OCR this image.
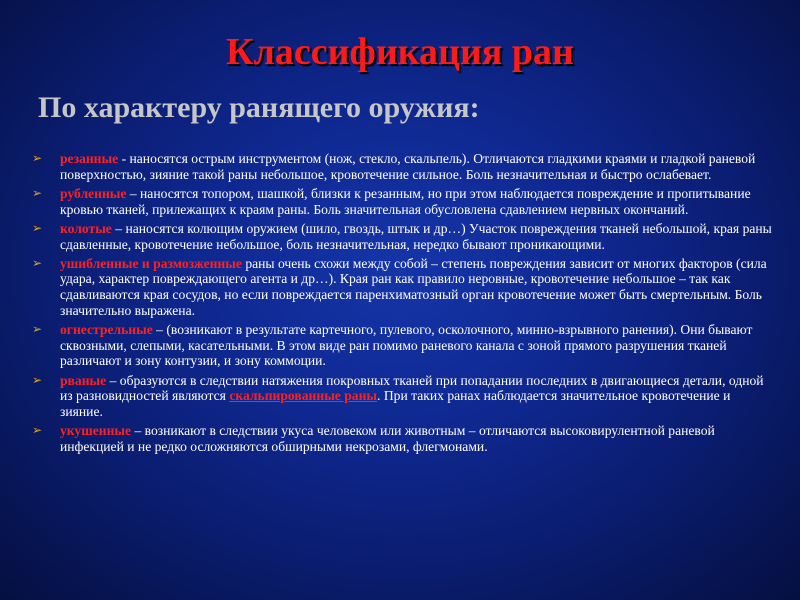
Классификация ран
По характеру ранящего оружия:
➢ резанные - наносятся острым инструментом (нож, стекло, скальпель). Отличаются гладкими краями и гладкой раневой поверхностью, зияние такой раны небольшое, кровотечение сильное. Боль незначительная и быстро ослабевает.
➢ рубленные – наносятся топором, шашкой, близки к резанным, но при этом наблюдается повреждение и пропитывание кровью тканей, прилежащих к краям раны. Боль значительная обусловлена сдавлением нервных окончаний.
➢ колотые – наносятся колющим оружием (шило, гвоздь, штык и др…) Участок повреждения тканей небольшой, края раны сдавленные, кровотечение небольшое, боль незначительная, нередко бывают проникающими.
➢ ушибленные и размозженные раны очень схожи между собой – степень повреждения зависит от многих факторов (сила удара, характер повреждающего агента и др…). Края ран как правило неровные, кровотечение небольшое – так как сдавливаются края сосудов, но если повреждается паренхиматозный орган кровотечение может быть смертельным. Боль значительно выражена.
➢ огнестрельные – (возникают в результате картечного, пулевого, осколочного, минно-взрывного ранения). Они бывают сквозными, слепыми, касательными. В этом виде ран помимо раневого канала с зоной прямого разрушения тканей различают и зону контузии, и зону коммоции.
➢ рваные – образуются в следствии натяжения покровных тканей при попадании последних в двигающиеся детали, одной из разновидностей являются скальпированные раны. При таких ранах наблюдается значительное кровотечение и зияние.
➢ укушенные – возникают в следствии укуса человеком или животным – отличаются высоковирулентной раневой инфекцией и не редко осложняются обширными некрозами, флегмонами.
